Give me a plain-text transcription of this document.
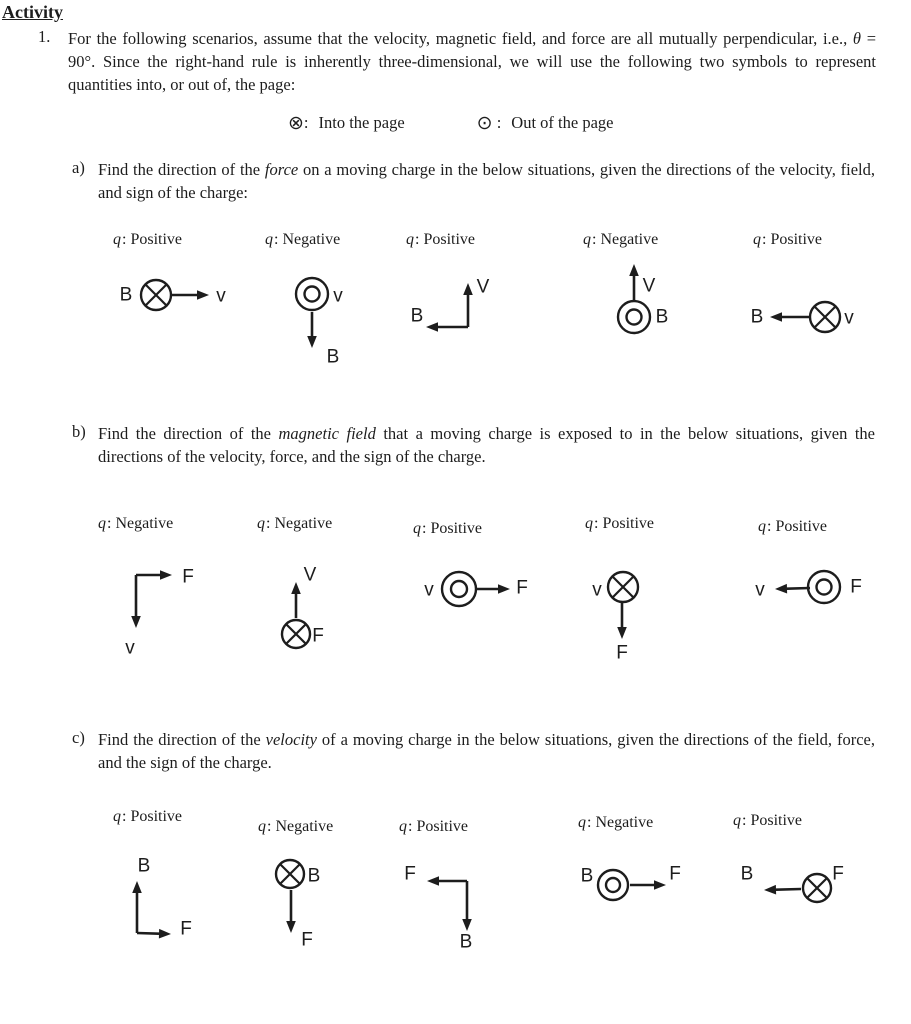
Activity
1.	For the following scenarios, assume that the velocity, magnetic field, and force are all mutually perpendicular, i.e., θ = 90°. Since the right-hand rule is inherently three-dimensional, we will use the following two symbols to represent quantities into, or out of, the page:

⊗: Into the page	⊙ : Out of the page
a) Find the direction of the force on a moving charge in the below situations, given the directions of the velocity, field, and sign of the charge:

q: Positive	q: Negative	q: Positive	q: Negative	q: Positive
B	v	v
B
V
B
V
B	B	v
b) Find the direction of the magnetic field that a moving charge is exposed to in the below situations, given the directions of the velocity, force, and the sign of the charge.

q: Negative	q: Negative	q: Positive	q: Positive	q: Positive
F
v
V
F
v	F	v
F
v	F
c) Find the direction of the velocity of a moving charge in the below situations, given the directions of the field, force, and the sign of the charge.

q: Positive
q: Negative	q: Positive	q: Negative	q: Positive
B
F
B
F
F
B
B	F	B	F
